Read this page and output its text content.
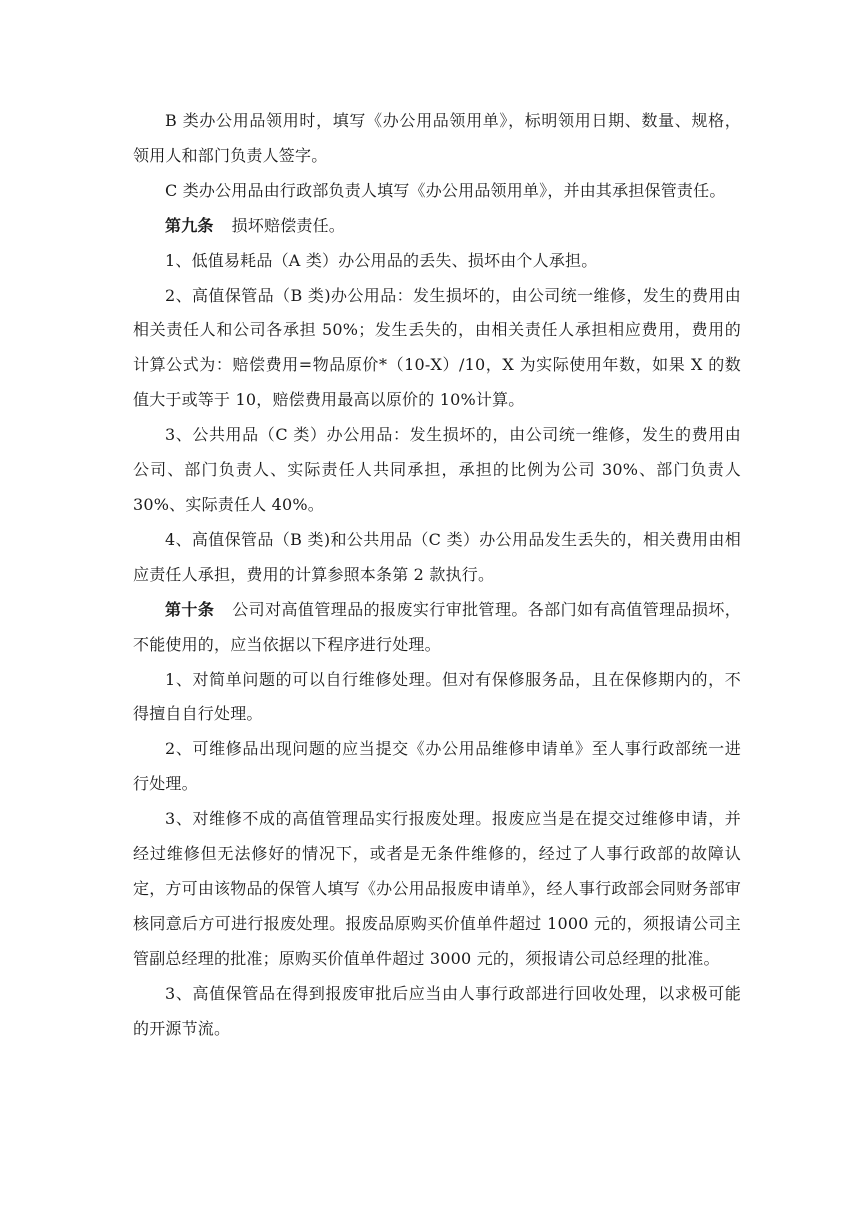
B 类办公用品领用时，填写《办公用品领用单》，标明领用日期、数量、规格，领用人和部门负责人签字。

C 类办公用品由行政部负责人填写《办公用品领用单》，并由其承担保管责任。

第九条 损坏赔偿责任。

1、低值易耗品（A 类）办公用品的丢失、损坏由个人承担。

2、高值保管品（B 类)办公用品：发生损坏的，由公司统一维修，发生的费用由相关责任人和公司各承担 50%；发生丢失的，由相关责任人承担相应费用，费用的计算公式为：赔偿费用=物品原价*（10-X）/10，X 为实际使用年数，如果 X 的数值大于或等于 10，赔偿费用最高以原价的 10%计算。

3、公共用品（C 类）办公用品：发生损坏的，由公司统一维修，发生的费用由公司、部门负责人、实际责任人共同承担，承担的比例为公司 30%、部门负责人 30%、实际责任人 40%。

4、高值保管品（B 类)和公共用品（C 类）办公用品发生丢失的，相关费用由相应责任人承担，费用的计算参照本条第 2 款执行。

第十条 公司对高值管理品的报废实行审批管理。各部门如有高值管理品损坏，不能使用的，应当依据以下程序进行处理。

1、对简单问题的可以自行维修处理。但对有保修服务品，且在保修期内的，不得擅自自行处理。

2、可维修品出现问题的应当提交《办公用品维修申请单》至人事行政部统一进行处理。

3、对维修不成的高值管理品实行报废处理。报废应当是在提交过维修申请，并经过维修但无法修好的情况下，或者是无条件维修的，经过了人事行政部的故障认定，方可由该物品的保管人填写《办公用品报废申请单》，经人事行政部会同财务部审核同意后方可进行报废处理。报废品原购买价值单件超过 1000 元的，须报请公司主管副总经理的批准；原购买价值单件超过 3000 元的，须报请公司总经理的批准。

3、高值保管品在得到报废审批后应当由人事行政部进行回收处理，以求极可能的开源节流。
